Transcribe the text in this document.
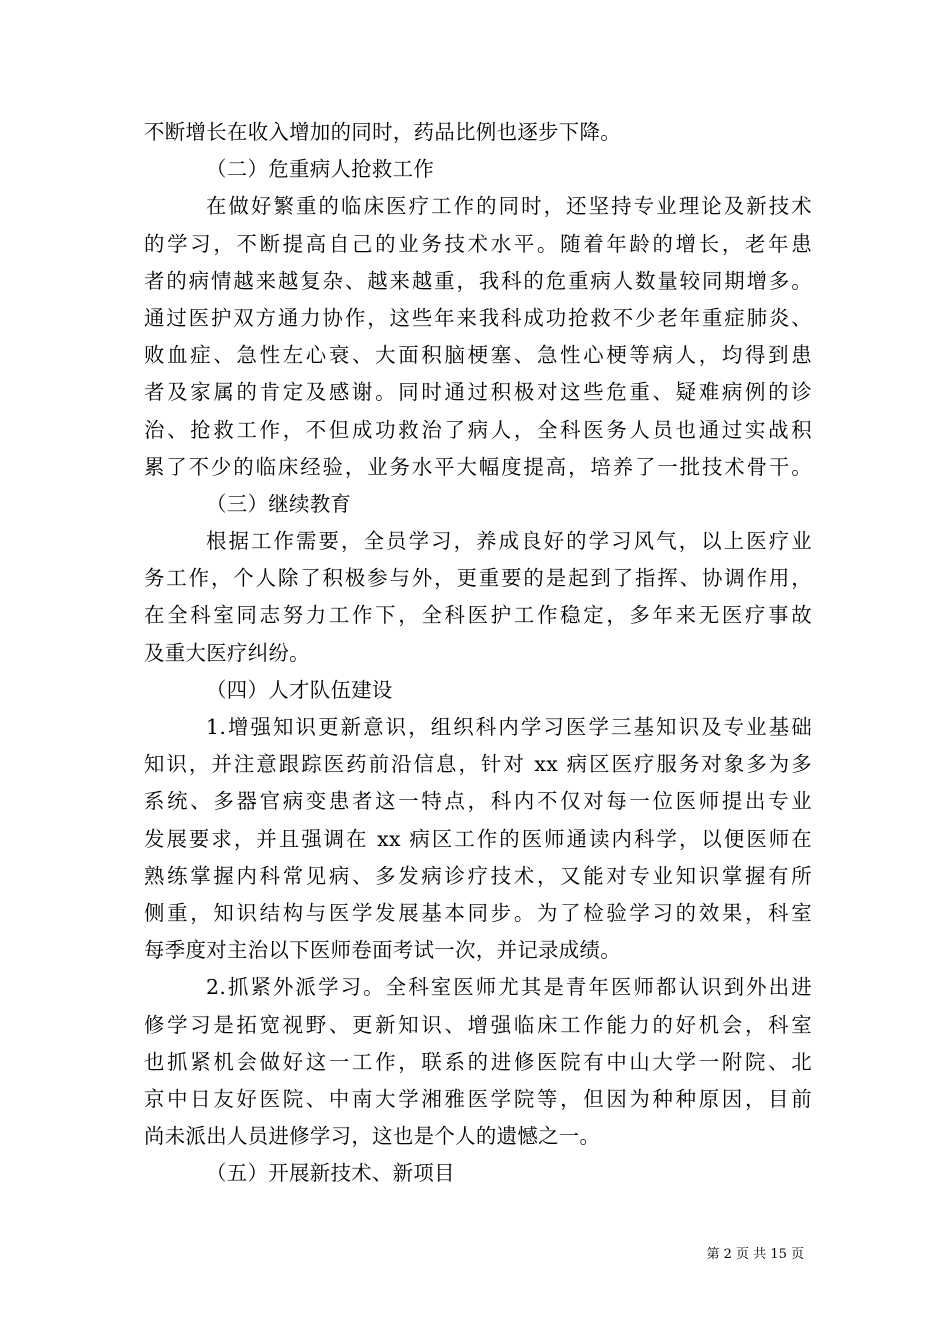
不断增长在收入增加的同时，药品比例也逐步下降。
（二）危重病人抢救工作
在做好繁重的临床医疗工作的同时，还坚持专业理论及新技术
的学习，不断提高自己的业务技术水平。随着年龄的增长，老年患
者的病情越来越复杂、越来越重，我科的危重病人数量较同期增多。
通过医护双方通力协作，这些年来我科成功抢救不少老年重症肺炎、
败血症、急性左心衰、大面积脑梗塞、急性心梗等病人，均得到患
者及家属的肯定及感谢。同时通过积极对这些危重、疑难病例的诊
治、抢救工作，不但成功救治了病人，全科医务人员也通过实战积
累了不少的临床经验，业务水平大幅度提高，培养了一批技术骨干。
（三）继续教育
根据工作需要，全员学习，养成良好的学习风气，以上医疗业
务工作，个人除了积极参与外，更重要的是起到了指挥、协调作用，
在全科室同志努力工作下，全科医护工作稳定，多年来无医疗事故
及重大医疗纠纷。
（四）人才队伍建设
1.增强知识更新意识，组织科内学习医学三基知识及专业基础
知识，并注意跟踪医药前沿信息，针对 xx 病区医疗服务对象多为多
系统、多器官病变患者这一特点，科内不仅对每一位医师提出专业
发展要求，并且强调在 xx 病区工作的医师通读内科学，以便医师在
熟练掌握内科常见病、多发病诊疗技术，又能对专业知识掌握有所
侧重，知识结构与医学发展基本同步。为了检验学习的效果，科室
每季度对主治以下医师卷面考试一次，并记录成绩。
2.抓紧外派学习。全科室医师尤其是青年医师都认识到外出进
修学习是拓宽视野、更新知识、增强临床工作能力的好机会，科室
也抓紧机会做好这一工作，联系的进修医院有中山大学一附院、北
京中日友好医院、中南大学湘雅医学院等，但因为种种原因，目前
尚未派出人员进修学习，这也是个人的遗憾之一。
（五）开展新技术、新项目
第 2 页 共 15 页
